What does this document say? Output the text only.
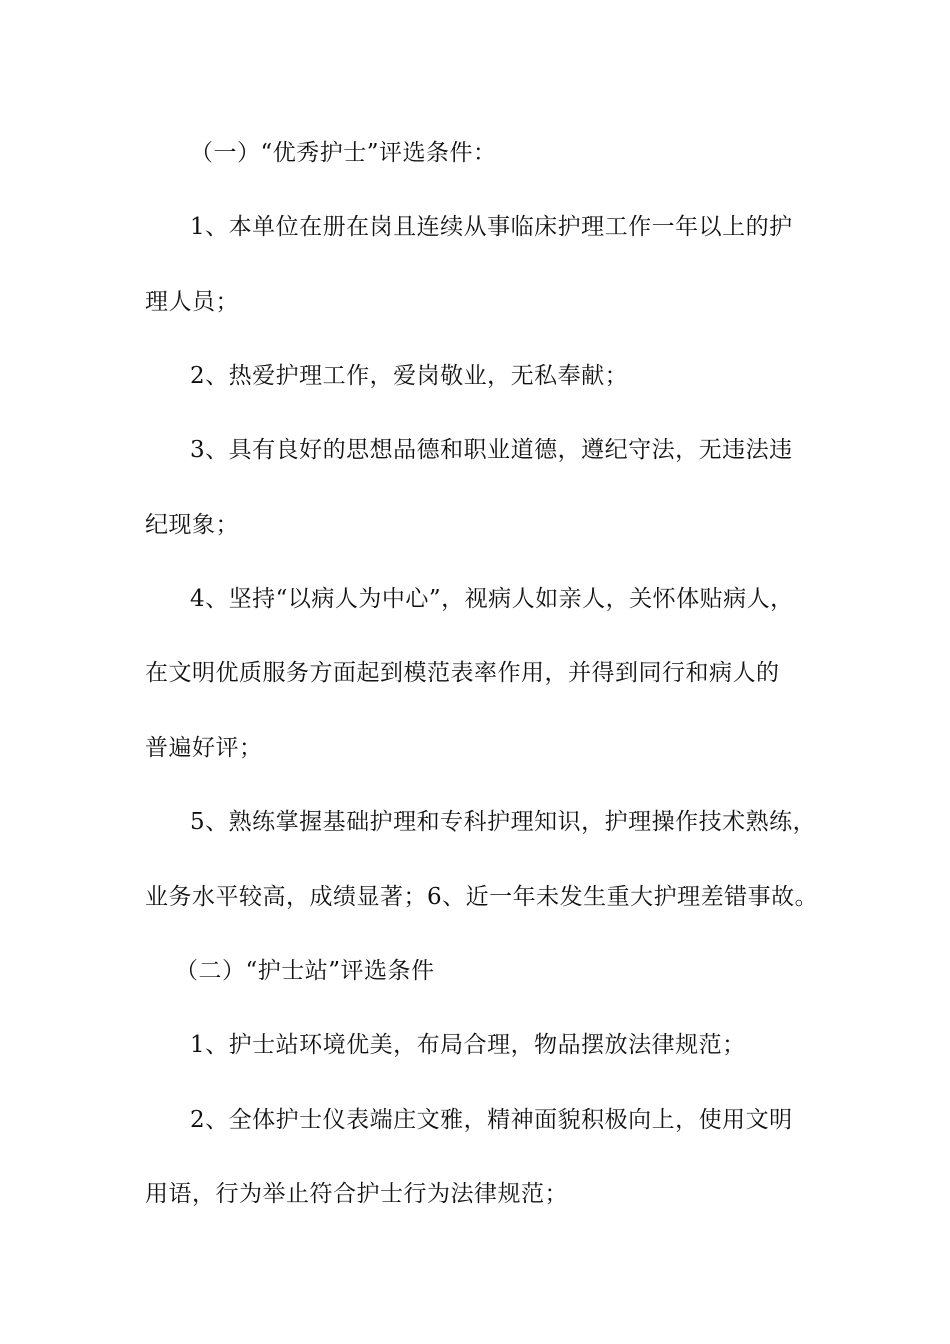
（一）“优秀护士”评选条件：
1、本单位在册在岗且连续从事临床护理工作一年以上的护
理人员；
2、热爱护理工作，爱岗敬业，无私奉献；
3、具有良好的思想品德和职业道德，遵纪守法，无违法违
纪现象；
4、坚持“以病人为中心”，视病人如亲人，关怀体贴病人，
在文明优质服务方面起到模范表率作用，并得到同行和病人的
普遍好评；
5、熟练掌握基础护理和专科护理知识，护理操作技术熟练，
业务水平较高，成绩显著；6、近一年未发生重大护理差错事故。
（二）“护士站”评选条件
1、护士站环境优美，布局合理，物品摆放法律规范；
2、全体护士仪表端庄文雅，精神面貌积极向上，使用文明
用语，行为举止符合护士行为法律规范；
